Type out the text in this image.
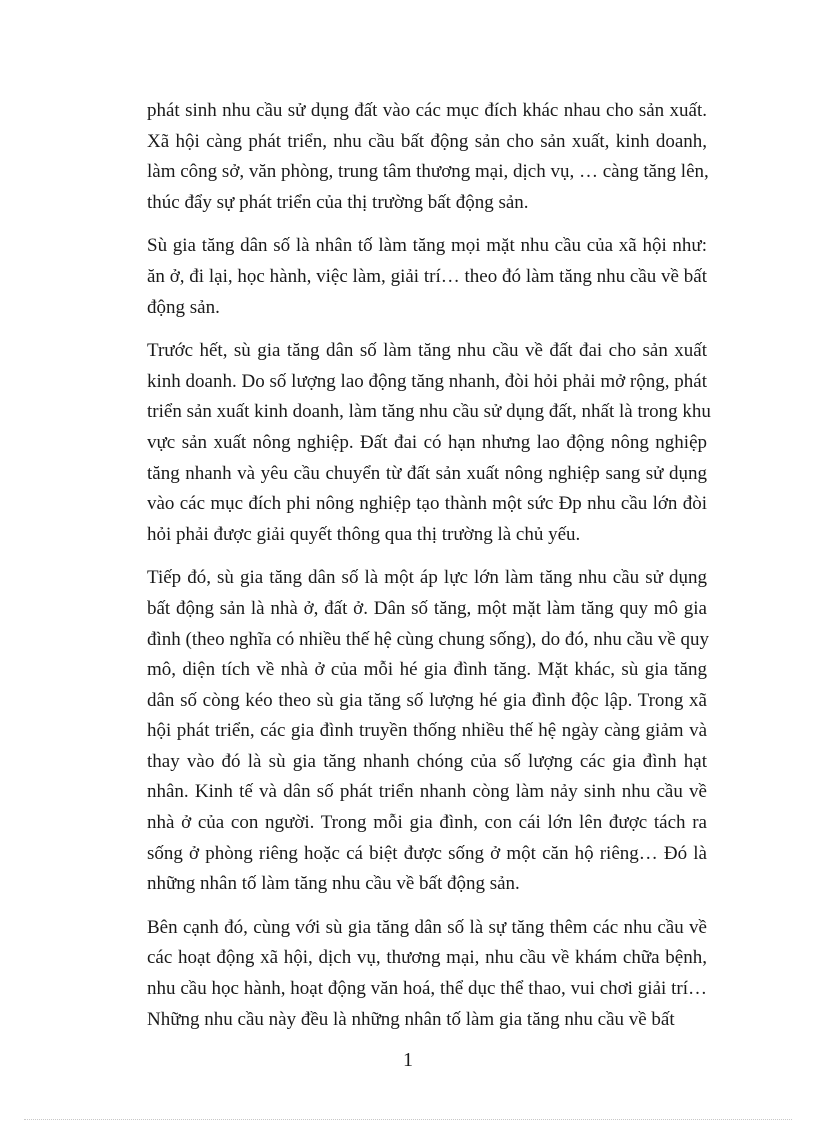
phát sinh nhu cầu sử dụng đất vào các mục đích khác nhau cho sản xuất.
Xã hội càng phát triển, nhu cầu bất động sản cho sản xuất, kinh doanh,
làm công sở, văn phòng, trung tâm thương mại, dịch vụ, … càng tăng lên,
thúc đẩy sự phát triển của thị trường bất động sản.

Sù gia tăng dân số là nhân tố làm tăng mọi mặt nhu cầu của xã hội như:
ăn ở, đi lại, học hành, việc làm, giải trí… theo đó làm tăng nhu cầu về bất
động sản.

Trước hết, sù gia tăng dân số làm tăng nhu cầu về đất đai cho sản xuất
kinh doanh. Do số lượng lao động tăng nhanh, đòi hỏi phải mở rộng, phát
triển sản xuất kinh doanh, làm tăng nhu cầu sử dụng đất, nhất là trong khu
vực sản xuất nông nghiệp. Đất đai có hạn nhưng lao động nông nghiệp
tăng nhanh và yêu cầu chuyển từ đất sản xuất nông nghiệp sang sử dụng
vào các mục đích phi nông nghiệp tạo thành một sức Đp nhu cầu lớn đòi
hỏi phải được giải quyết thông qua thị trường là chủ yếu.

Tiếp đó, sù gia tăng dân số là một áp lực lớn làm tăng nhu cầu sử dụng
bất động sản là nhà ở, đất ở. Dân số tăng, một mặt làm tăng quy mô gia
đình (theo nghĩa có nhiều thế hệ cùng chung sống), do đó, nhu cầu về quy
mô, diện tích về nhà ở của mỗi hé gia đình tăng. Mặt khác, sù gia tăng
dân số còng kéo theo sù gia tăng số lượng hé gia đình độc lập. Trong xã
hội phát triển, các gia đình truyền thống nhiều thế hệ ngày càng giảm và
thay vào đó là sù gia tăng nhanh chóng của số lượng các gia đình hạt
nhân. Kinh tế và dân số phát triển nhanh còng làm nảy sinh nhu cầu về
nhà ở của con người. Trong mỗi gia đình, con cái lớn lên được tách ra
sống ở phòng riêng hoặc cá biệt được sống ở một căn hộ riêng… Đó là
những nhân tố làm tăng nhu cầu về bất động sản.

Bên cạnh đó, cùng với sù gia tăng dân số là sự tăng thêm các nhu cầu về
các hoạt động xã hội, dịch vụ, thương mại, nhu cầu về khám chữa bệnh,
nhu cầu học hành, hoạt động văn hoá, thể dục thể thao, vui chơi giải trí…
Những nhu cầu này đều là những nhân tố làm gia tăng nhu cầu về bất

1
